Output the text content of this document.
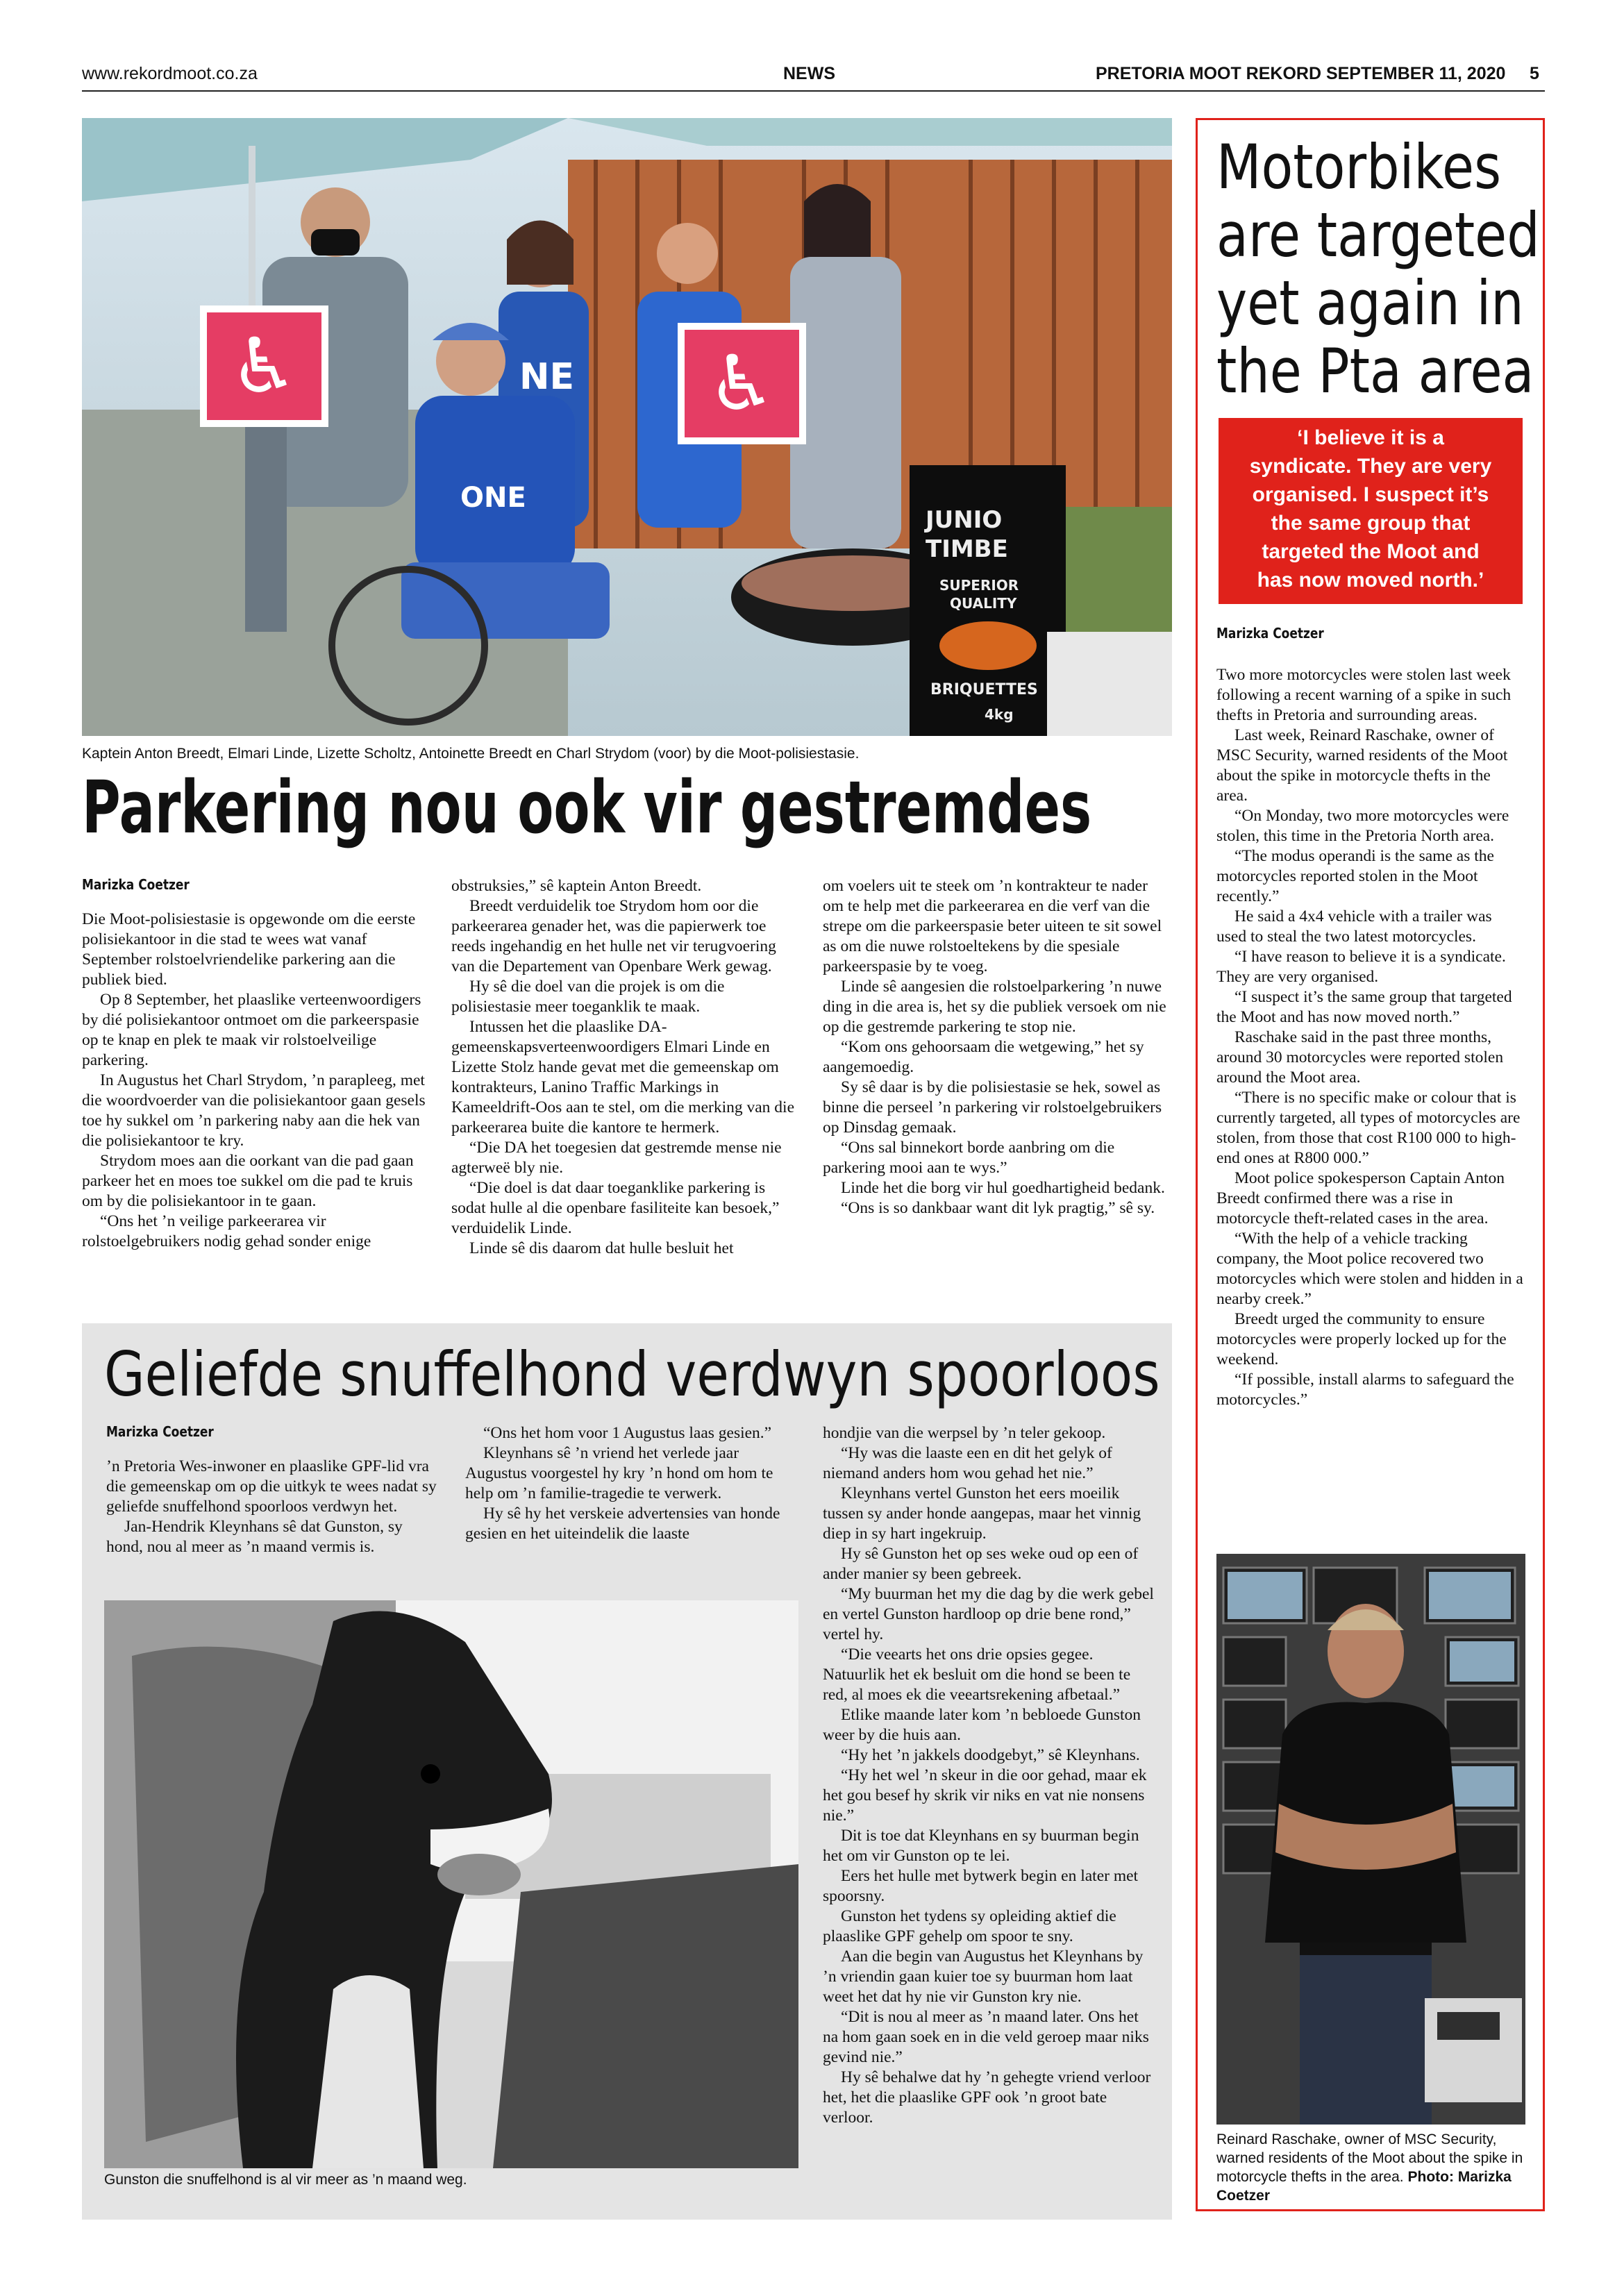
www.rekordmoot.co.za	NEWS	PRETORIA MOOT REKORD SEPTEMBER 11, 2020 5
♿	♿
NE
ONE
JUNIO
TIMBE
SUPERIOR
QUALITY
BRIQUETTES
4kg
Kaptein Anton Breedt, Elmari Linde, Lizette Scholtz, Antoinette Breedt en Charl Strydom (voor) by die Moot-polisiestasie.
Parkering nou ook vir gestremdes
Marizka Coetzer

Die Moot-polisiestasie is opgewonde om die eerste polisiekantoor in die stad te wees wat vanaf September rolstoelvriendelike parkering aan die publiek bied.

Op 8 September, het plaaslike verteenwoordigers by dié polisiekantoor ontmoet om die parkeerspasie op te knap en plek te maak vir rolstoelveilige parkering.

In Augustus het Charl Strydom, ’n parapleeg, met die woordvoerder van die polisiekantoor gaan gesels toe hy sukkel om ’n parkering naby aan die hek van die polisiekantoor te kry.

Strydom moes aan die oorkant van die pad gaan parkeer het en moes toe sukkel om die pad te kruis om by die polisiekantoor in te gaan.

“Ons het ’n veilige parkeerarea vir rolstoelgebruikers nodig gehad sonder enige

obstruksies,” sê kaptein Anton Breedt.

Breedt verduidelik toe Strydom hom oor die parkeerarea genader het, was die papierwerk toe reeds ingehandig en het hulle net vir terugvoering van die Departement van Openbare Werk gewag.

Hy sê die doel van die projek is om die polisiestasie meer toeganklik te maak.

Intussen het die plaaslike DA-gemeenskapsverteenwoordigers Elmari Linde en Lizette Stolz hande gevat met die gemeenskap om kontrakteurs, Lanino Traffic Markings in Kameeldrift-Oos aan te stel, om die merking van die parkeerarea buite die kantore te hermerk.

“Die DA het toegesien dat gestremde mense nie agterweë bly nie.

“Die doel is dat daar toeganklike parkering is sodat hulle al die openbare fasiliteite kan besoek,” verduidelik Linde.

Linde sê dis daarom dat hulle besluit het

om voelers uit te steek om ’n kontrakteur te nader om te help met die parkeerarea en die verf van die strepe om die parkeerspasie beter uiteen te sit sowel as om die nuwe rolstoeltekens by die spesiale parkeerspasie by te voeg.

Linde sê aangesien die rolstoelparkering ’n nuwe ding in die area is, het sy die publiek versoek om nie op die gestremde parkering te stop nie.

“Kom ons gehoorsaam die wetgewing,” het sy aangemoedig.

Sy sê daar is by die polisiestasie se hek, sowel as binne die perseel ’n parkering vir rolstoelgebruikers op Dinsdag gemaak.

“Ons sal binnekort borde aanbring om die parkering mooi aan te wys.”

Linde het die borg vir hul goedhartigheid bedank.

“Ons is so dankbaar want dit lyk pragtig,” sê sy.

Geliefde snuffelhond verdwyn spoorloos
Marizka Coetzer

’n Pretoria Wes-inwoner en plaaslike GPF-lid vra die gemeenskap om op die uitkyk te wees nadat sy geliefde snuffelhond spoorloos verdwyn het.

Jan-Hendrik Kleynhans sê dat Gunston, sy hond, nou al meer as ’n maand vermis is.

“Ons het hom voor 1 Augustus laas gesien.”

Kleynhans sê ’n vriend het verlede jaar Augustus voorgestel hy kry ’n hond om hom te help om ’n familie-tragedie te verwerk.

Hy sê hy het verskeie advertensies van honde gesien en het uiteindelik die laaste

hondjie van die werpsel by ’n teler gekoop.

“Hy was die laaste een en dit het gelyk of niemand anders hom wou gehad het nie.”

Kleynhans vertel Gunston het eers moeilik tussen sy ander honde aangepas, maar het vinnig diep in sy hart ingekruip.

Hy sê Gunston het op ses weke oud op een of ander manier sy been gebreek.

“My buurman het my die dag by die werk gebel en vertel Gunston hardloop op drie bene rond,” vertel hy.

“Die veearts het ons drie opsies gegee. Natuurlik het ek besluit om die hond se been te red, al moes ek die veeartsrekening afbetaal.”

Etlike maande later kom ’n bebloede Gunston weer by die huis aan.

“Hy het ’n jakkels doodgebyt,” sê Kleynhans.

“Hy het wel ’n skeur in die oor gehad, maar ek het gou besef hy skrik vir niks en vat nie nonsens nie.”

Dit is toe dat Kleynhans en sy buurman begin het om vir Gunston op te lei.

Eers het hulle met bytwerk begin en later met spoorsny.

Gunston het tydens sy opleiding aktief die plaaslike GPF gehelp om spoor te sny.

Aan die begin van Augustus het Kleynhans by ’n vriendin gaan kuier toe sy buurman hom laat weet het dat hy nie vir Gunston kry nie.

“Dit is nou al meer as ’n maand later. Ons het na hom gaan soek en in die veld geroep maar niks gevind nie.”

Hy sê behalwe dat hy ’n gehegte vriend verloor het, het die plaaslike GPF ook ’n groot bate verloor.

Gunston die snuffelhond is al vir meer as ’n maand weg.
Motorbikes
are targeted
yet again in
the Pta area
‘I believe it is a
syndicate. They are very
organised. I suspect it’s
the same group that
targeted the Moot and
has now moved north.’
Marizka Coetzer

Two more motorcycles were stolen last week following a recent warning of a spike in such thefts in Pretoria and surrounding areas.

Last week, Reinard Raschake, owner of MSC Security, warned residents of the Moot about the spike in motorcycle thefts in the area.

“On Monday, two more motorcycles were stolen, this time in the Pretoria North area.

“The modus operandi is the same as the motorcycles reported stolen in the Moot recently.”

He said a 4x4 vehicle with a trailer was used to steal the two latest motorcycles.

“I have reason to believe it is a syndicate. They are very organised.

“I suspect it’s the same group that targeted the Moot and has now moved north.”

Raschake said in the past three months, around 30 motorcycles were reported stolen around the Moot area.

“There is no specific make or colour that is currently targeted, all types of motorcycles are stolen, from those that cost R100 000 to high-end ones at R800 000.”

Moot police spokesperson Captain Anton Breedt confirmed there was a rise in motorcycle theft-related cases in the area.

“With the help of a vehicle tracking company, the Moot police recovered two motorcycles which were stolen and hidden in a nearby creek.”

Breedt urged the community to ensure motorcycles were properly locked up for the weekend.

“If possible, install alarms to safeguard the motorcycles.”

Reinard Raschake, owner of MSC Security, warned residents of the Moot about the spike in motorcycle thefts in the area. Photo: Marizka Coetzer
